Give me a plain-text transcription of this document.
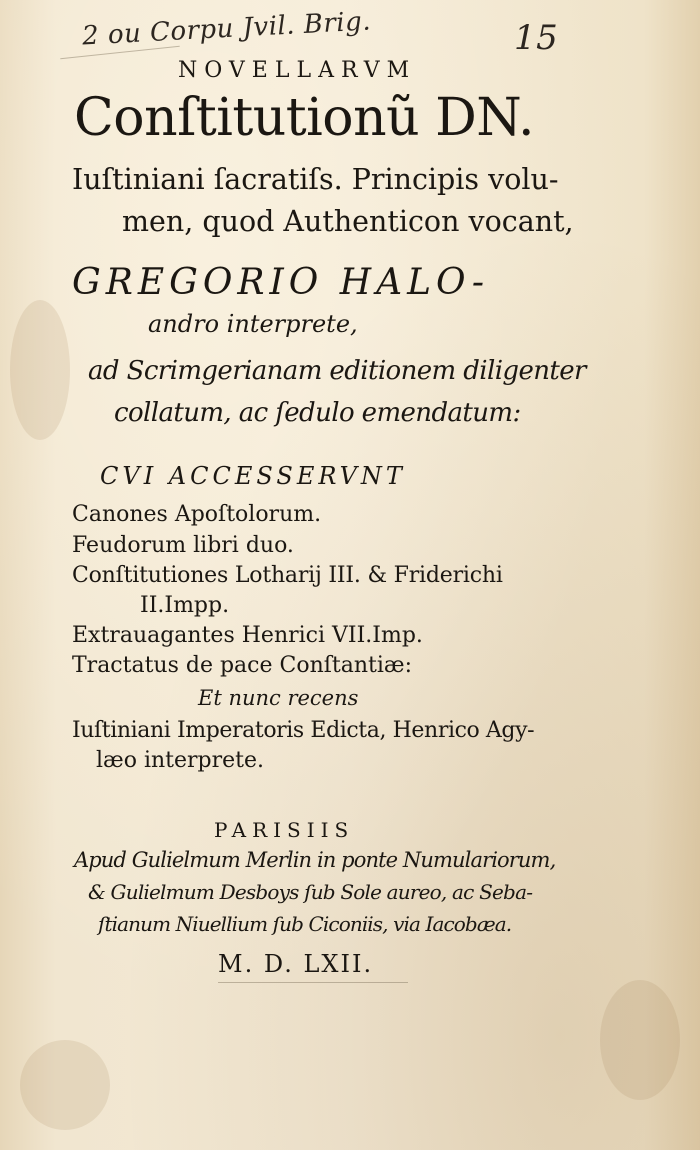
2 ou Corpu Jvil. Brig.	15
NOVELLARVM
Conſtitutionũ DN.
Iuſtiniani ſacratiſs. Principis volu-
men, quod Authenticon vocant,
GREGORIO HALO-
andro interprete,
ad Scrimgerianam editionem diligenter
collatum, ac ſedulo emendatum:
CVI ACCESSERVNT
Canones Apoſtolorum.
Feudorum libri duo.
Conſtitutiones Lotharij III. & Friderichi
II.Impp.
Extrauagantes Henrici VII.Imp.
Tractatus de pace Conſtantiæ:
Et nunc recens
Iuſtiniani Imperatoris Edicta, Henrico Agy-
læo interprete.
PARISIIS
Apud Gulielmum Merlin in ponte Numulariorum,
& Gulielmum Desboys ſub Sole aureo, ac Seba-
ſtianum Niuellium ſub Ciconiis, via Iacobæa.
M. D. LXII.
